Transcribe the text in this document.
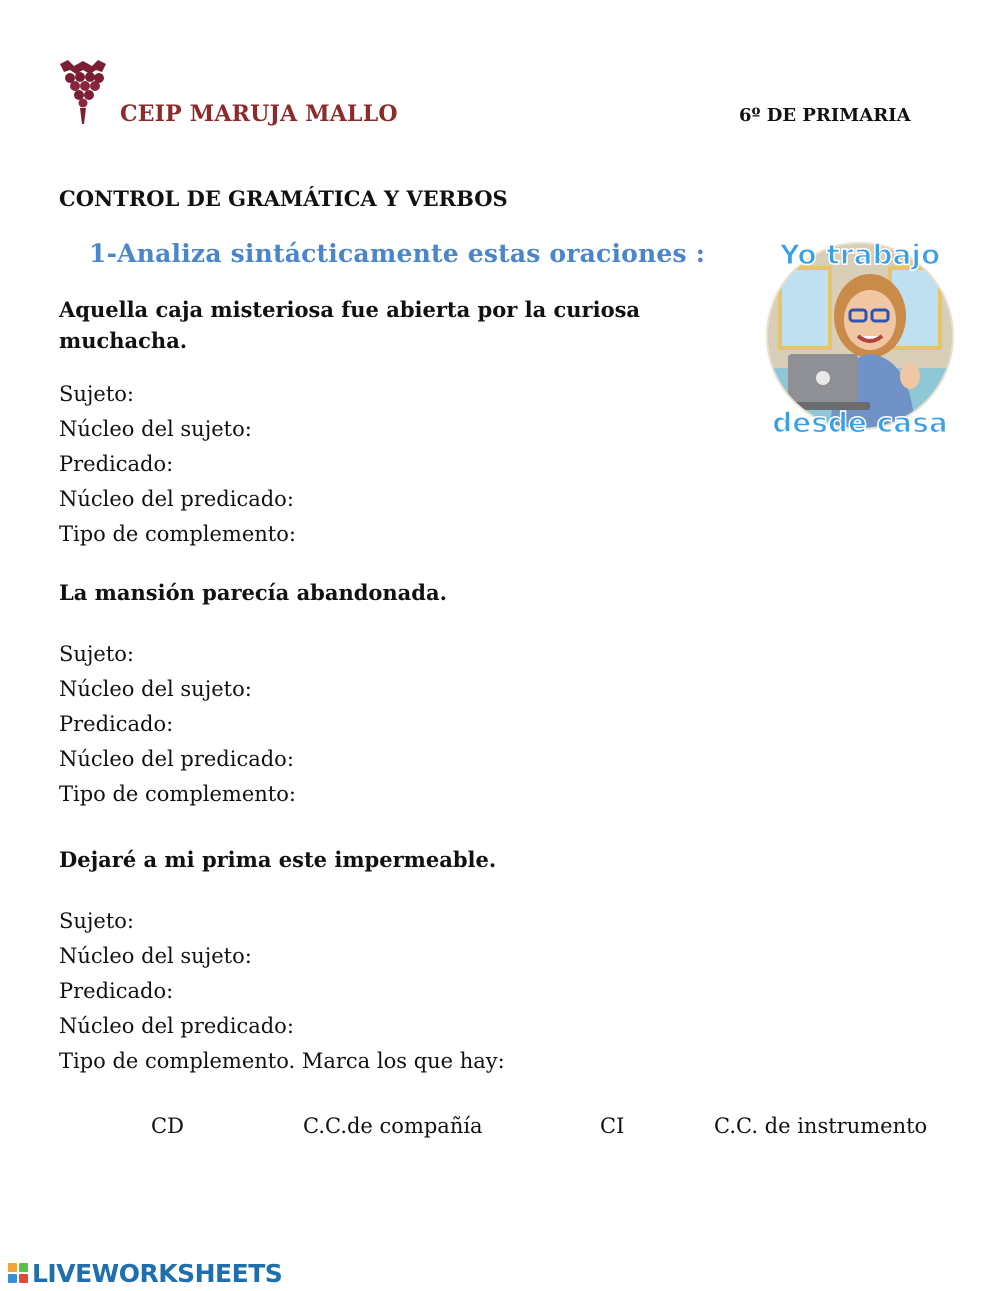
CEIP MARUJA MALLO	6º DE PRIMARIA
CONTROL DE GRAMÁTICA Y VERBOS
1-Analiza sintácticamente estas oraciones :	Yo trabajo
desde casa
Aquella caja misteriosa fue abierta por la curiosa muchacha.
Sujeto:
Núcleo del sujeto:
Predicado:
Núcleo del predicado:
Tipo de complemento:
La mansión parecía abandonada.
Sujeto:
Núcleo del sujeto:
Predicado:
Núcleo del predicado:
Tipo de complemento:
Dejaré a mi prima este impermeable.
Sujeto:
Núcleo del sujeto:
Predicado:
Núcleo del predicado:
Tipo de complemento. Marca los que hay:
CD	C.C.de compañía	CI	C.C. de instrumento
LIVEWORKSHEETS
